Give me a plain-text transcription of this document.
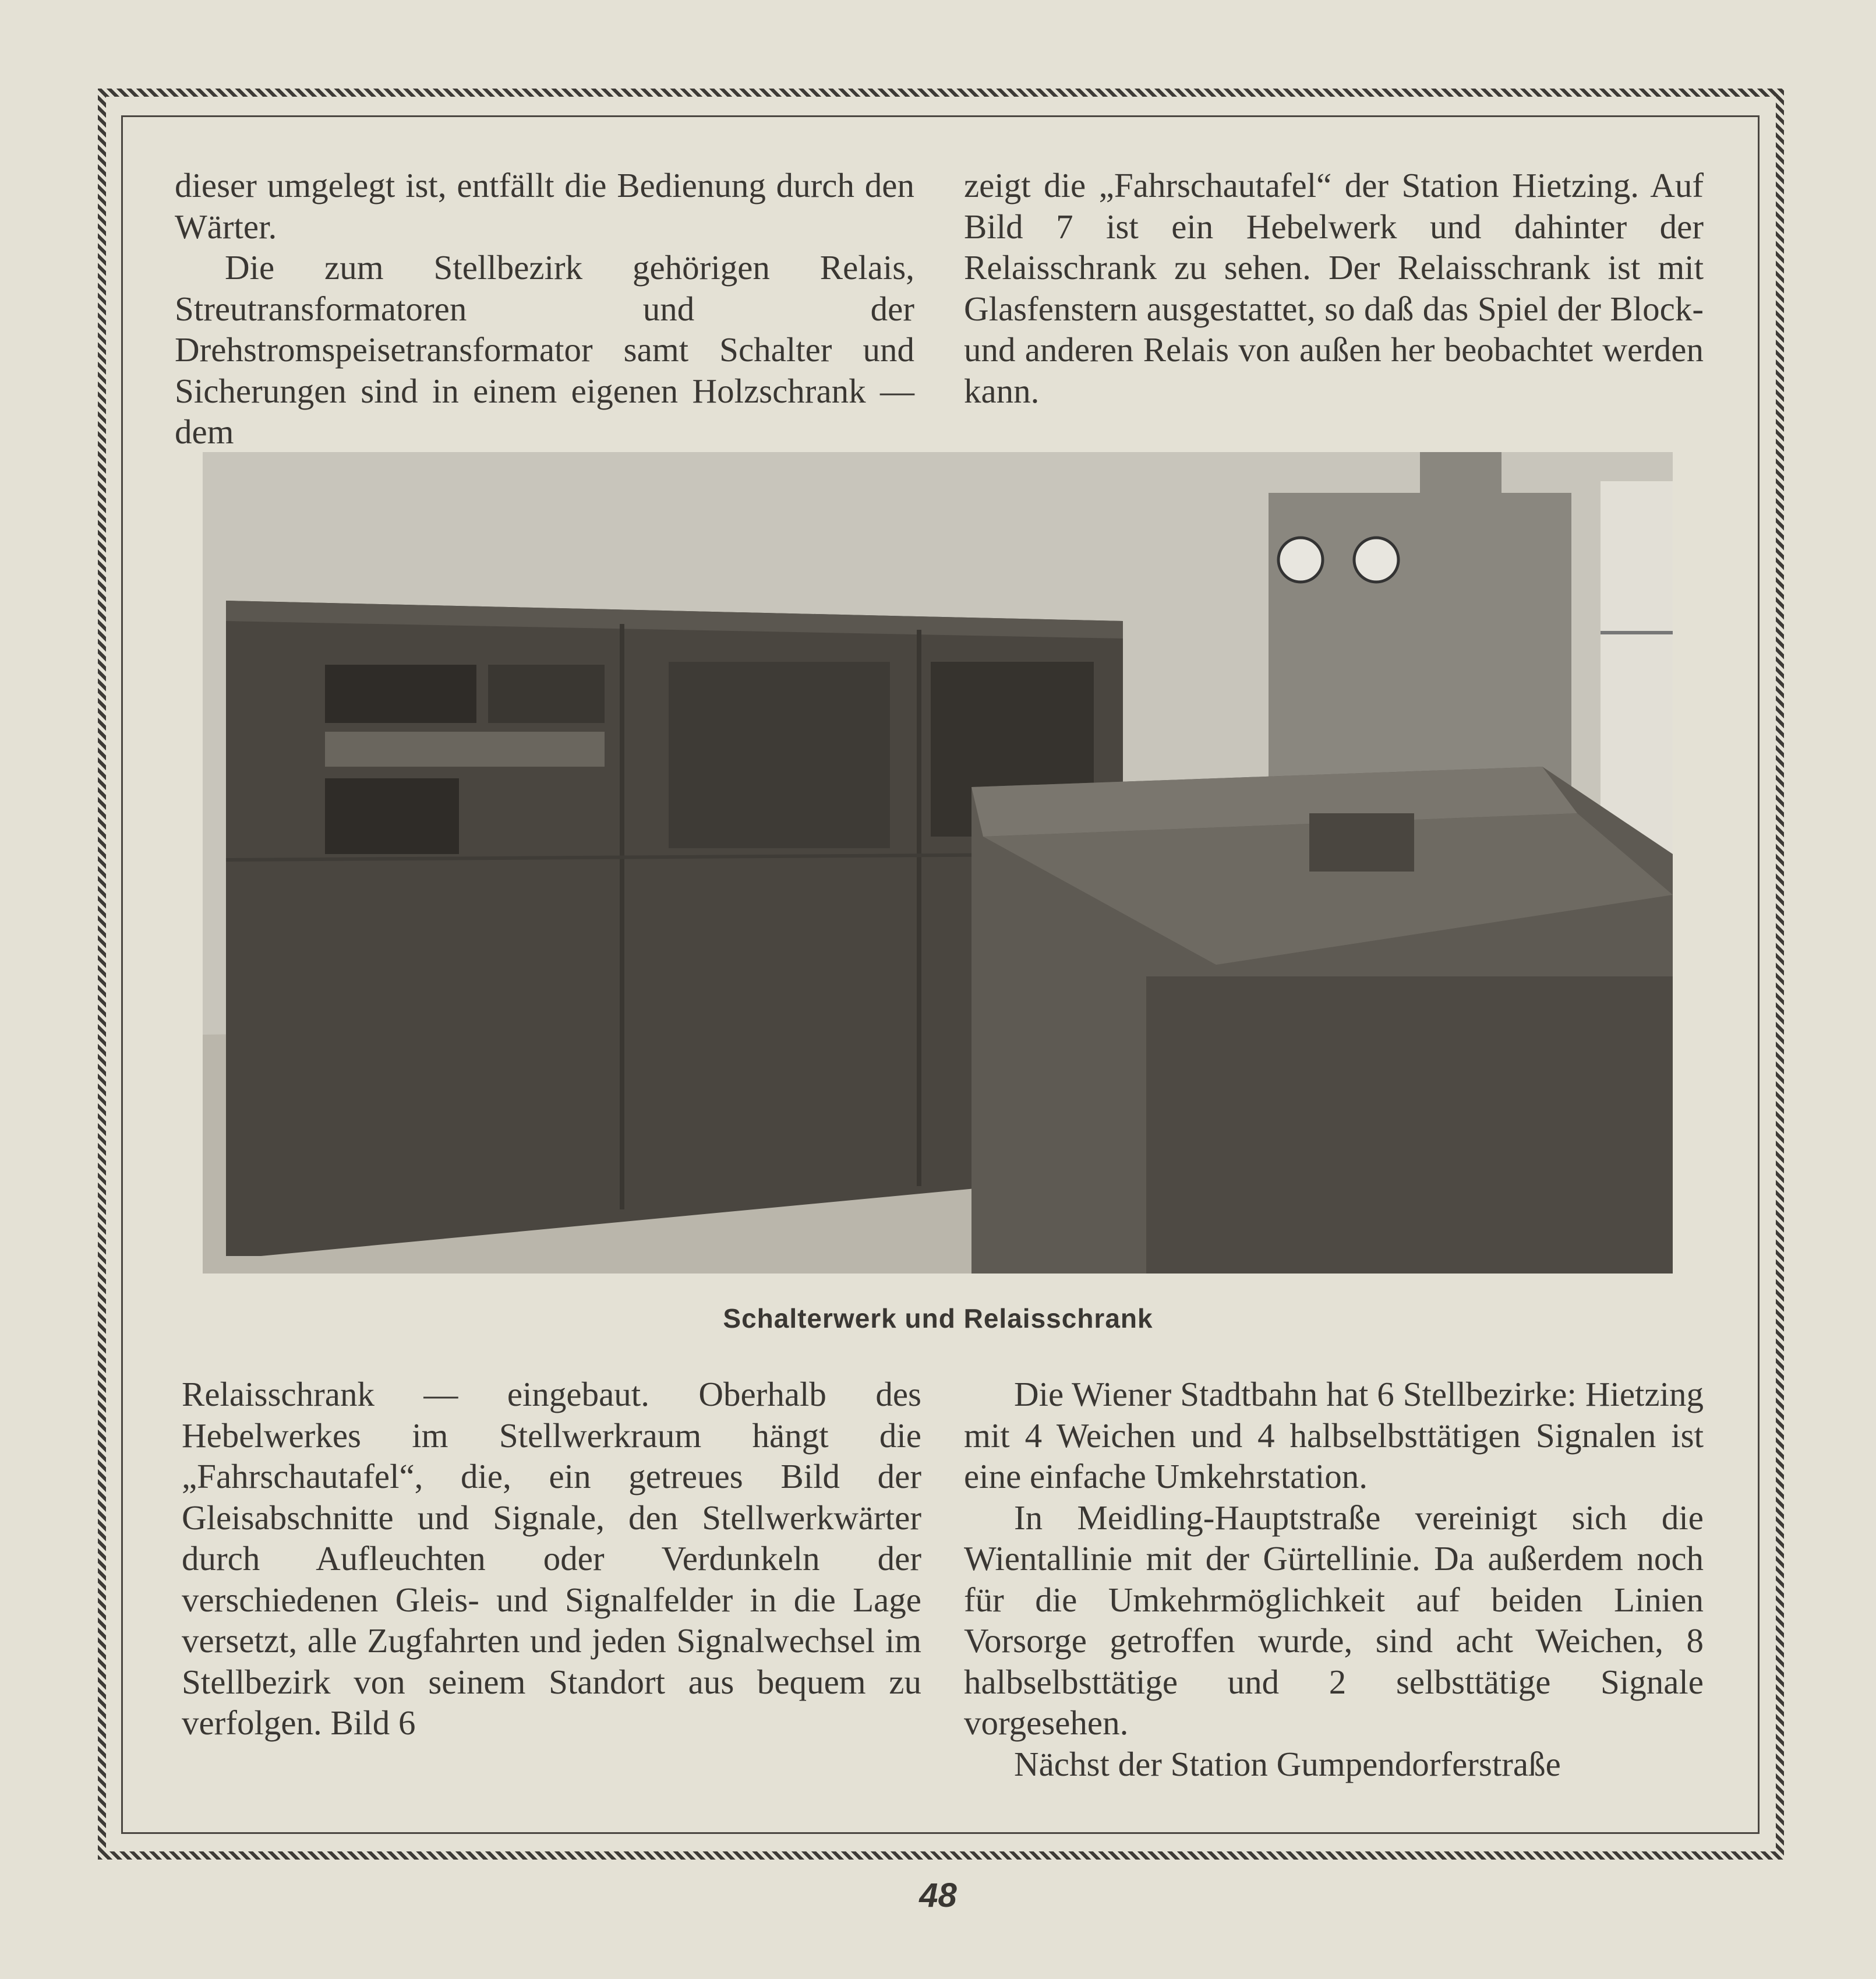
dieser umgelegt ist, entfällt die Bedienung durch den Wärter.

Die zum Stellbezirk gehörigen Relais, Streutransformatoren und der Drehstromspeisetransformator samt Schalter und Sicherungen sind in einem eigenen Holzschrank — dem

zeigt die „Fahrschautafel“ der Station Hietzing. Auf Bild 7 ist ein Hebelwerk und dahinter der Relaisschrank zu sehen. Der Relaisschrank ist mit Glasfenstern ausgestattet, so daß das Spiel der Block- und anderen Relais von außen her beobachtet werden kann.

Schalterwerk und Relaisschrank

Relaisschrank — eingebaut. Oberhalb des Hebelwerkes im Stellwerkraum hängt die „Fahrschautafel“, die, ein getreues Bild der Gleisabschnitte und Signale, den Stellwerkwärter durch Aufleuchten oder Verdunkeln der verschiedenen Gleis- und Signalfelder in die Lage versetzt, alle Zugfahrten und jeden Signalwechsel im Stellbezirk von seinem Standort aus bequem zu verfolgen. Bild 6

Die Wiener Stadtbahn hat 6 Stellbezirke: Hietzing mit 4 Weichen und 4 halbselbsttätigen Signalen ist eine einfache Umkehrstation.

In Meidling-Hauptstraße vereinigt sich die Wientallinie mit der Gürtellinie. Da außerdem noch für die Umkehrmöglichkeit auf beiden Linien Vorsorge getroffen wurde, sind acht Weichen, 8 halbselbsttätige und 2 selbsttätige Signale vorgesehen.

Nächst der Station Gumpendorferstraße

48
